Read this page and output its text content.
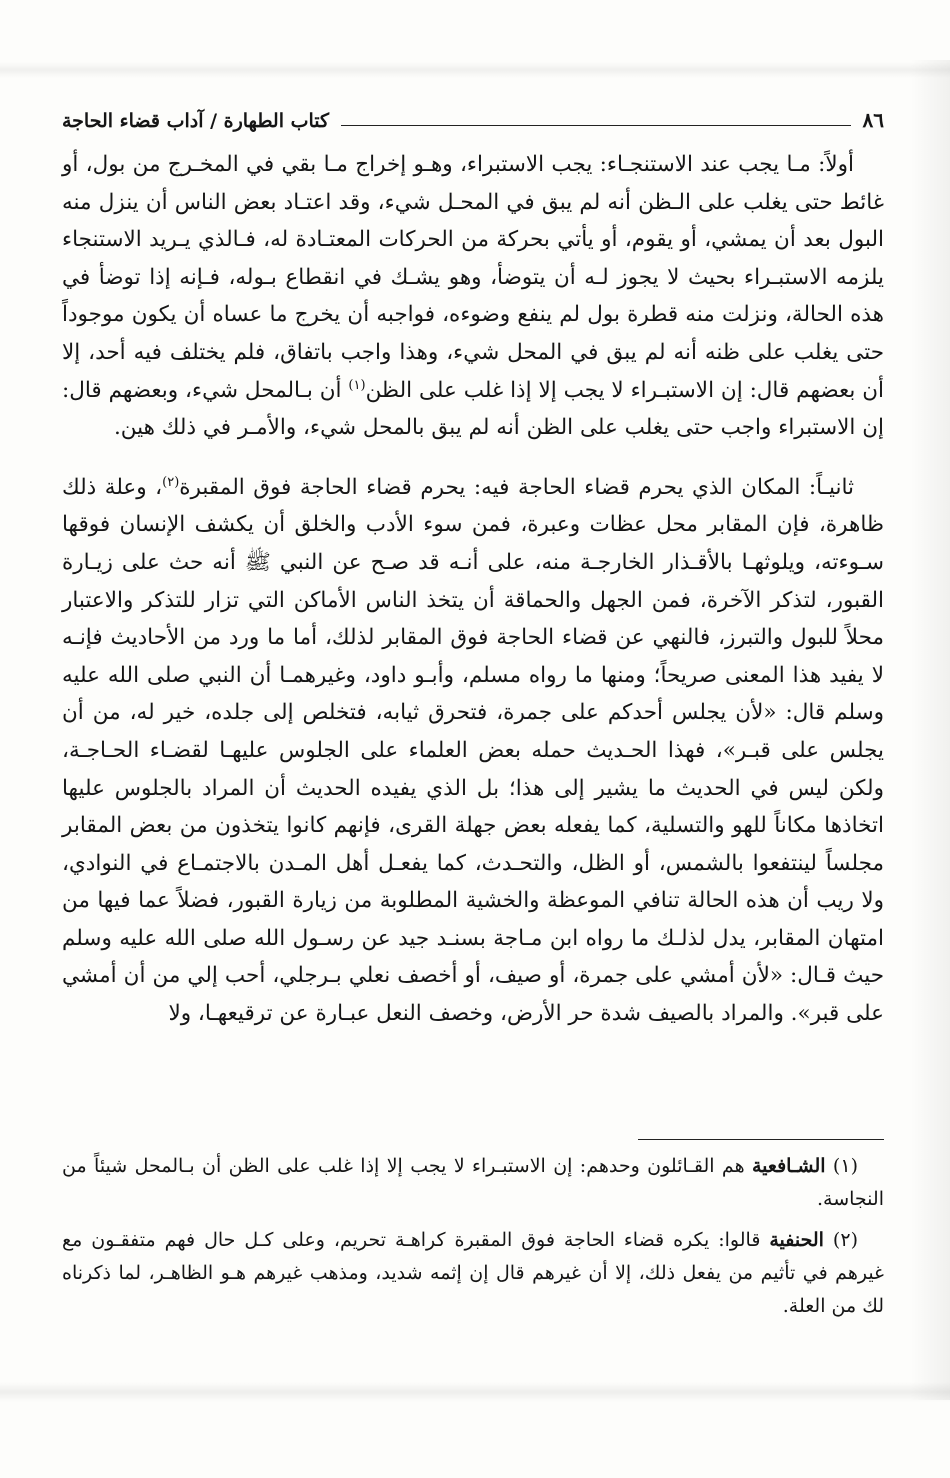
٨٦
كتاب الطهارة / آداب قضاء الحاجة

أولاً: مـا يجب عند الاستنجـاء: يجب الاستبراء، وهـو إخراج مـا بقي في المخـرج من بول، أو غائط حتى يغلب على الـظن أنه لم يبق في المحـل شيء، وقد اعتـاد بعض الناس أن ينزل منه البول بعد أن يمشي، أو يقوم، أو يأتي بحركة من الحركات المعتـادة له، فـالذي يـريد الاستنجاء يلزمه الاستبـراء بحيث لا يجوز لـه أن يتوضأ، وهو يشـك في انقطاع بـوله، فـإنه إذا توضأ في هذه الحالة، ونزلت منه قطرة بول لم ينفع وضوءه، فواجبه أن يخرج ما عساه أن يكون موجوداً حتى يغلب على ظنه أنه لم يبق في المحل شيء، وهذا واجب باتفاق، فلم يختلف فيه أحد، إلا أن بعضهم قال: إن الاستبـراء لا يجب إلا إذا غلب على الظن$^{(١)}$ أن بـالمحل شيء، وبعضهم قال: إن الاستبراء واجب حتى يغلب على الظن أنه لم يبق بالمحل شيء، والأمـر في ذلك هين.

ثانيـاً: المكان الذي يحرم قضاء الحاجة فيه: يحرم قضاء الحاجة فوق المقبرة$^{(٢)}$، وعلة ذلك ظاهرة، فإن المقابر محل عظات وعبرة، فمن سوء الأدب والخلق أن يكشف الإنسان فوقها سـوءته، ويلوثهـا بالأقـذار الخارجـة منه، على أنـه قد صـح عن النبي ﷺ أنه حث على زيـارة القبور، لتذكر الآخرة، فمن الجهل والحماقة أن يتخذ الناس الأماكن التي تزار للتذكر والاعتبار محلاً للبول والتبرز، فالنهي عن قضاء الحاجة فوق المقابر لذلك، أما ما ورد من الأحاديث فإنـه لا يفيد هذا المعنى صريحاً؛ ومنها ما رواه مسلم، وأبـو داود، وغيرهمـا أن النبي صلى الله عليه وسلم قال: «لأن يجلس أحدكم على جمرة، فتحرق ثيابه، فتخلص إلى جلده، خير له، من أن يجلس على قبـر»، فهذا الحـديث حمله بعض العلماء على الجلوس عليهـا لقضـاء الحـاجـة، ولكن ليس في الحديث ما يشير إلى هذا؛ بل الذي يفيده الحديث أن المراد بالجلوس عليها اتخاذها مكاناً للهو والتسلية، كما يفعله بعض جهلة القرى، فإنهم كانوا يتخذون من بعض المقابر مجلساً لينتفعوا بالشمس، أو الظل، والتحـدث، كما يفعـل أهل المـدن بالاجتمـاع في النوادي، ولا ريب أن هذه الحالة تنافي الموعظة والخشية المطلوبة من زيارة القبور، فضلاً عما فيها من امتهان المقابر، يدل لذلـك ما رواه ابن مـاجة بسنـد جيد عن رسـول الله صلى الله عليه وسلم حيث قـال: «لأن أمشي على جمرة، أو صيف، أو أخصف نعلي بـرجلي، أحب إلي من أن أمشي على قبر». والمراد بالصيف شدة حر الأرض، وخصف النعل عبـارة عن ترقيعهـا، ولا

(١) الشـافعية هم القـائلون وحدهم: إن الاستبـراء لا يجب إلا إذا غلب على الظن أن بـالمحل شيئاً من النجاسة.

(٢) الحنفية قالوا: يكره قضاء الحاجة فوق المقبرة كراهـة تحريم، وعلى كـل حال فهم متفقـون مع غيرهم في تأثيم من يفعل ذلك، إلا أن غيرهم قال إن إثمه شديد، ومذهب غيرهم هـو الظاهـر، لما ذكرناه لك من العلة.
